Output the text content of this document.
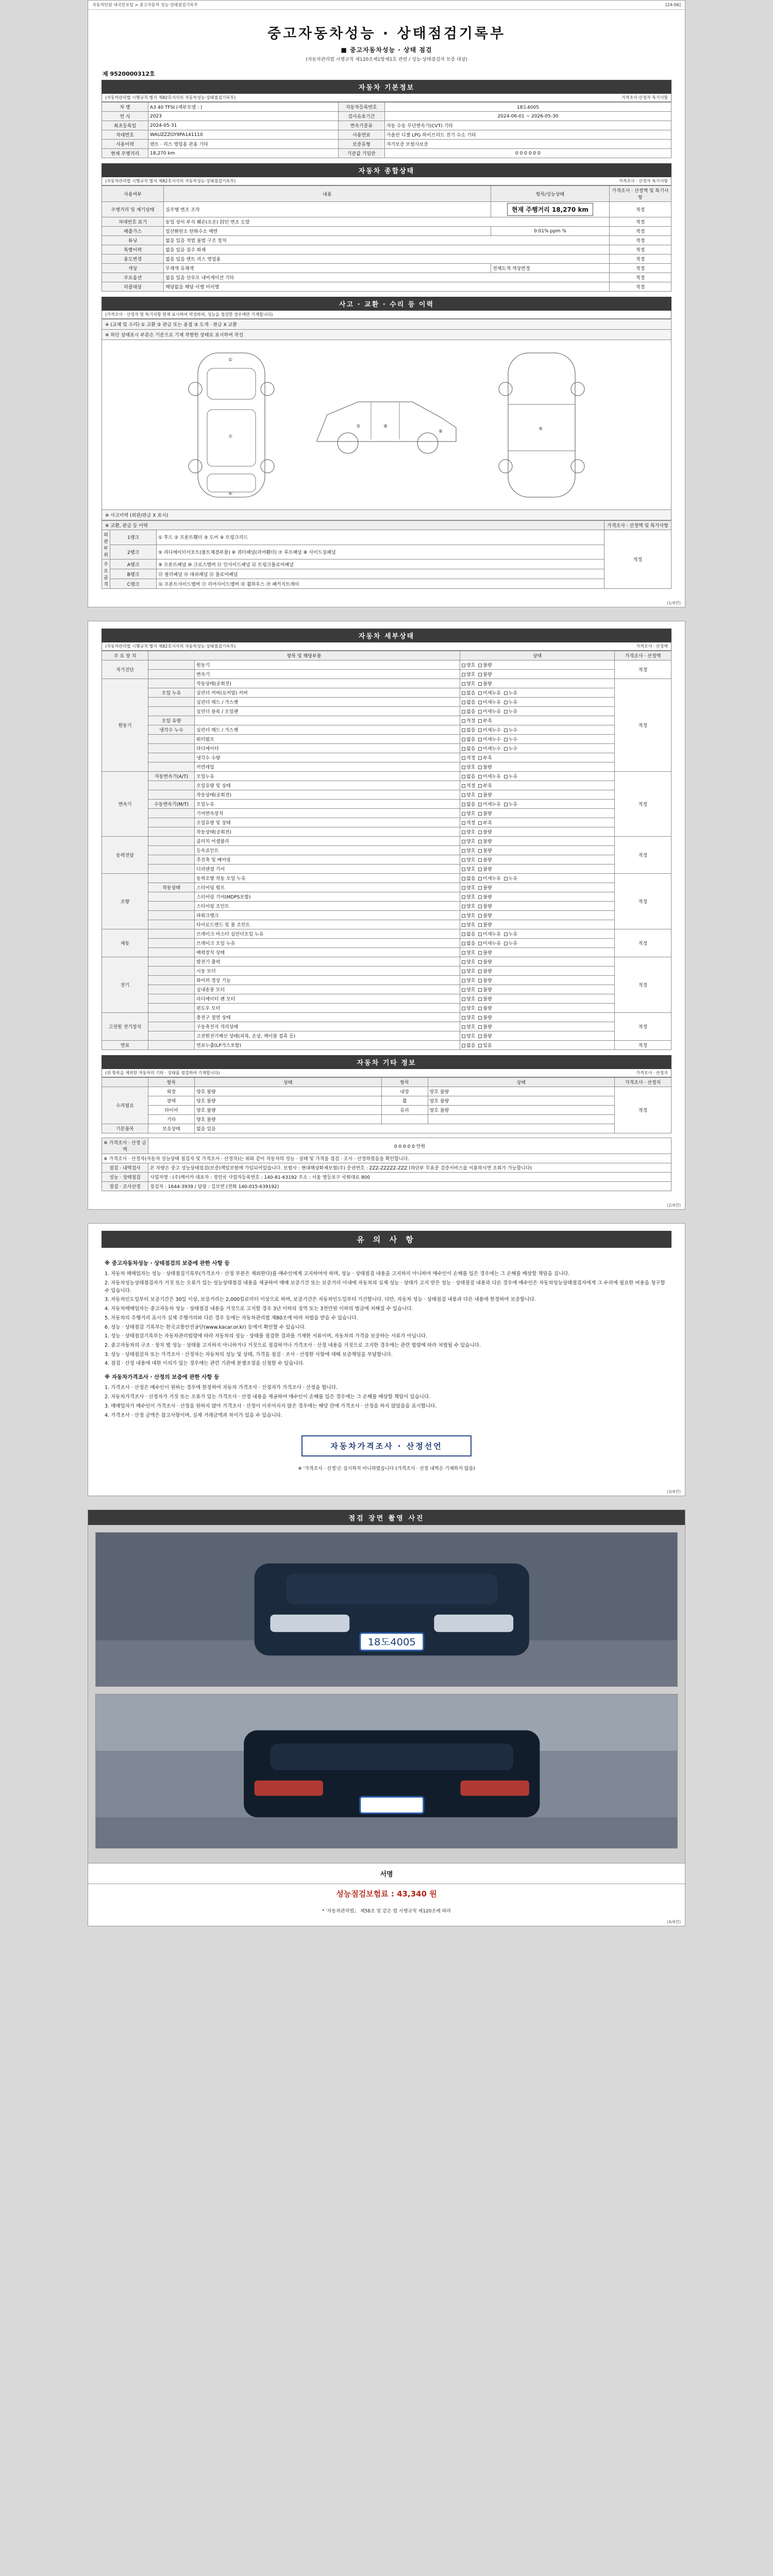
자동차민원 대국민포털 > 중고자동차 성능·상태점검기록부	[24-06]
중고자동차성능 · 상태점검기록부
■ 중고자동차성능 · 상태 점검
(자동차관리법 시행규칙 제120조제1항제1호 관련 / 성능·상태점검자 보증 대상)
제 9520000312호
자동차 기본정보
(자동차관리법 시행규칙 별지 제82호서식의 자동차성능·상태점검기록부)	가격조사·산정자 특기사항
차 명	A3 40 TFSI (세부모델 : )	자동차등록번호	18도4005
연 식	2023	검사유효기간	2024-06-01 ~ 2026-05-30
최초등록일	2024-05-31	변속기종류	자동 수동 무단변속기(CVT) 기타
차대번호	WAUZZZGY9PA141110	사용연료	가솔린 디젤 LPG 하이브리드 전기 수소 기타
사용이력	렌트 · 리스 영업용 관용 기타	보증유형	자가보증 보험사보증
현재 주행거리	18,270 km	기준값 기입란	0 0 0 0 0 0
자동차 종합상태
(자동차관리법 시행규칙 별지 제82호서식의 자동차성능·상태점검기록부)	가격조사 · 산정자 특기사항
사용여부	내용	항목/성능상태	가격조사 · 산정액 및 특기사항
주행거리 및 계기상태	실주행 변조 조작	현재 주행거리 18,270 km	적정
차대번호 표기	동일 상이 부식 훼손(오손) 封인 변조 도말		적정
배출가스	일산화탄소 탄화수소 매연	0.01% ppm %	적정
튜닝	없음 있음 적법 불법 구조 장치		적정
특별이력	없음 있음 침수 화재		적정
용도변경	없음 있음 렌트 리스 영업용		적정
색상	무채색 유채색	전체도색 색상변경	적정
주요옵션	없음 있음 선루프 내비게이션 기타		적정
리콜대상	해당없음 해당 이행 미이행		적정
사고 · 교환 · 수리 등 이력
(가격조사 · 산정자 및 특기사항 현재 표시하여 작성하며, 성능을 점검한 경우에만 기재합니다)
※ (교체 및 수리) ① 교환 ② 판금 또는 용접 ③ 도색 · 판금 X 교환
※ 하단 상태표시 부분은 기준으로 기재 작항한 상태로 표시하여 작성
①
⑦
④
③	⑧
⑥	⑨
※ 사고이력 (외판/판금 X 표시)
※ 교환, 판금 등 이력			가격조사 · 산정액 및 특기사항
외판
부위	1랭크	① 후드 ② 프론트휀더 ③ 도어 ④ 트렁크리드	적정
	2랭크	⑤ 라디에이터서포트(볼트체결부품) ⑥ 쿼터패널(리어휀더) ⑦ 루프패널 ⑧ 사이드실패널	
주요
골격	A랭크	⑨ 프론트패널 ⑩ 크로스멤버 ⑪ 인사이드패널 ⑫ 트렁크플로어패널	
	B랭크	⑬ 필러패널 ⑭ 대쉬패널 ⑮ 플로어패널	
	C랭크	⑯ 프론트사이드멤버 ⑰ 리어사이드멤버 ⑱ 휠하우스 ⑲ 패키지트레이	
(1/4면)
자동차 세부상태
(자동차관리법 시행규칙 별지 제82호서식의 자동차성능·상태점검기록부)	가격조사 · 산정액
주 요 장 치	항목 및 해당부품		상태	가격조사 · 산정액
자기진단		원동기	양호  불량	적정
		변속기	양호  불량	
원동기		작동상태(공회전)	양호  불량	적정
	오일 누유	실린더 커버(로커암) 커버	없음  미세누유  누유	
		실린더 헤드 / 가스켓	없음  미세누유  누유	
		실린더 블록 / 오일팬	없음  미세누유  누유	
	오일 유량		적정  부족	
	냉각수 누수	실린더 헤드 / 가스켓	없음  미세누수  누수	
		워터펌프	없음  미세누수  누수	
		라디에이터	없음  미세누수  누수	
		냉각수 수량	적정  부족	
		커먼레일	양호  불량	
변속기	자동변속기(A/T)	오일누유	없음  미세누유  누유	적정
		오일유량 및 상태	적정  부족	
		작동상태(공회전)	양호  불량	
	수동변속기(M/T)	오일누유	없음  미세누유  누유	
		기어변속장치	양호  불량	
		오일유량 및 상태	적정  부족	
		작동상태(공회전)	양호  불량	
동력전달		클러치 어셈블리	양호  불량	적정
		등속죠인트	양호  불량	
		추진축 및 베어링	양호  불량	
		디퍼렌셜 기어	양호  불량	
조향		동력조향 작동 오일 누유	없음  미세누유  누유	적정
	작동상태	스티어링 펌프	양호  불량	
		스티어링 기어(MDPS포함)	양호  불량	
		스티어링 조인트	양호  불량	
		파워크랭크	양호  불량	
		타이로드엔드 및 볼 조인트	양호  불량	
제동		브레이크 마스터 실린더오일 누유	없음  미세누유  누유	적정
		브레이크 오일 누유	없음  미세누유  누유	
		배력장치 상태	양호  불량	
전기		발전기 출력	양호  불량	적정
		시동 모터	양호  불량	
		와이퍼 정상 기능	양호  불량	
		실내송풍 모터	양호  불량	
		라디에이터 팬 모터	양호  불량	
		윈도우 모터	양호  불량	
고전원 전기장치		충전구 절연 상태	양호  불량	적정
		구동축전지 격리상태	양호  불량	
		고전원전기배선 상태(피복, 손상, 케이블 접촉 등)	양호  불량	
연료		연료누출(LP가스포함)	없음  있음	적정
자동차 기타 정보
(위 항목을 제외한 자동차의 기타 · 상태를 점검하여 기재합니다)	가격조사 · 산정자
	항목	상태	항목	상태	가격조사 · 산정자
수리필요	외장	양호 불량	내장	양호 불량	적정
	광택	양호 불량	휠	양호 불량	
	타이어	양호 불량	유리	양호 불량	
	기타	양호 불량			
기본품목	보유상태	없음 있음			
※ 가격조사 · 산정 금액	0 0 0 0 0 만원
※ 가격조사 · 산정자(자동차 성능상태 점검자 및 가격조사 · 산정자)는 위와 같이 자동차의 성능 · 상태 및 가격을 점검 · 조사 · 산정하였음을 확인합니다.	
점검 · 내역검사	본 차량은 중고 성능상태점검(보증)책임보험에 가입되어있습니다. 보험사 : 현대해상화재보험(주) 증권번호 : ZZZ-ZZZZZ-ZZZ (하단부 무효증 검증서비스를 이용하시면 조회가 가능합니다)
성능 · 상태점검	사업자명 : (주)케이카 대표자 : 정인국 사업자등록번호 : 140-81-63192 주소 : 서울 영등포구 국회대로 800
점검 · 조사산정	점검자 : 1644-3939 / 담당 : 김보연 (전화 140-015-639192)
(2/4면)
유 의 사 항
※ 중고자동차성능 · 상태점검의 보증에 관한 사항 등

1. 자동차 매매업자는 성능 · 상태점검기록부(가격조사 · 산정 부분은 제외한다)를 매수인에게 고지하여야 하며, 성능 · 상태점검 내용을 고지하지 아니하여 매수인이 손해를 입은 경우에는 그 손해를 배상할 책임을 집니다.

2. 자동차성능상태점검자가 거짓 또는 오류가 있는 성능상태점검 내용을 제공하여 매매 보증기간 또는 보증거리 이내에 자동차의 실제 성능 · 상태가 고지 받은 성능 · 상태점검 내용과 다른 경우에 매수인은 자동차성능상태점검자에게 그 수리에 필요한 비용을 청구할 수 있습니다.

3. 자동차인도일부터 보증기간은 30일 이상, 보증거리는 2,000킬로미터 이상으로 하며, 보증기간은 자동차인도일부터 기산합니다. 다만, 자동차 성능 · 상태점검 내용과 다른 내용에 한정하여 보증합니다.

4. 자동차매매업자는 중고자동차 성능 · 상태점검 내용을 거짓으로 고지할 경우 3년 이하의 징역 또는 3천만원 이하의 벌금에 처해질 수 있습니다.

5. 자동차의 주행거리 표시가 실제 주행거리와 다른 경우 등에는 자동차관리법 제80조에 따라 처벌을 받을 수 있습니다.

6. 성능 · 상태점검 기록부는 한국교통안전공단(www.kacar.or.kr) 등에서 확인할 수 있습니다.

1. 성능 · 상태점검기록부는 자동차관리법령에 따라 자동차의 성능 · 상태를 점검한 결과를 기재한 서류이며, 자동차의 가격을 보증하는 서류가 아닙니다.

2. 중고자동차의 구조 · 장치 별 성능 · 상태를 고지하지 아니하거나 거짓으로 점검하거나 가격조사 · 산정 내용을 거짓으로 고지한 경우에는 관련 법령에 따라 처벌될 수 있습니다.

3. 성능 · 상태점검자 또는 가격조사 · 산정자는 자동차의 성능 및 상태, 가격을 점검 · 조사 · 산정한 사항에 대해 보증책임을 부담합니다.

4. 점검 · 산정 내용에 대한 이의가 있는 경우에는 관련 기관에 분쟁조정을 신청할 수 있습니다.

※ 자동차가격조사 · 산정의 보증에 관한 사항 등

1. 가격조사 · 산정은 매수인이 원하는 경우에 한정하여 자동차 가격조사 · 산정자가 가격조사 · 산정을 합니다.

2. 자동차가격조사 · 산정자가 거짓 또는 오류가 있는 가격조사 · 산정 내용을 제공하여 매수인이 손해를 입은 경우에는 그 손해를 배상할 책임이 있습니다.

3. 매매업자가 매수인이 가격조사 · 산정을 원하지 않아 가격조사 · 산정이 이루어지지 않은 경우에는 해당 란에 가격조사 · 산정을 하지 않았음을 표시합니다.

4. 가격조사 · 산정 금액은 참고사항이며, 실제 거래금액과 차이가 있을 수 있습니다.

자동차가격조사 · 산정선언
※ '가격조사 · 산정'은 실시하지 아니하였습니다 (가격조사 · 산정 내역은 기재하지 않음)
(3/4면)
점검 장면 촬영 사진
18도4005
서명
성능점검보험료 : 43,340 원
* '자동차관리법」 제58조 및 같은 법 시행규칙 제120조에 따라
(4/4면)
